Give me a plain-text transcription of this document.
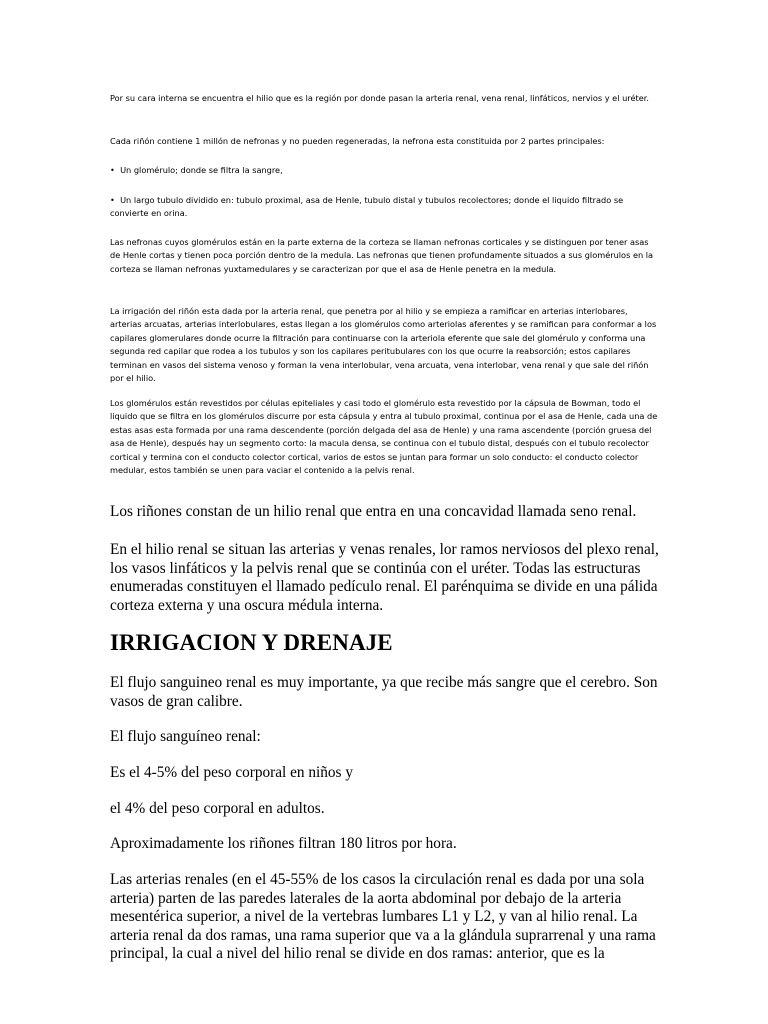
Por su cara interna se encuentra el hilio que es la región por donde pasan la arteria renal, vena renal, linfáticos, nervios y el uréter.

Cada riñón contiene 1 millón de nefronas y no pueden regeneradas, la nefrona esta constituida por 2 partes principales:

• Un glomérulo; donde se filtra la sangre,

• Un largo tubulo dividido en: tubulo proximal, asa de Henle, tubulo distal y tubulos recolectores; donde el liquido filtrado se convierte en orina.

Las nefronas cuyos glomérulos están en la parte externa de la corteza se llaman nefronas corticales y se distinguen por tener asas de Henle cortas y tienen poca porción dentro de la medula. Las nefronas que tienen profundamente situados a sus glomérulos en la corteza se llaman nefronas yuxtamedulares y se caracterizan por que el asa de Henle penetra en la medula.

La irrigación del riñón esta dada por la arteria renal, que penetra por al hilio y se empieza a ramificar en arterias interlobares, arterias arcuatas, arterias interlobulares, estas llegan a los glomérulos como arteriolas aferentes y se ramifican para conformar a los capilares glomerulares donde ocurre la filtración para continuarse con la arteriola eferente que sale del glomérulo y conforma una segunda red capilar que rodea a los tubulos y son los capilares peritubulares con los que ocurre la reabsorción; estos capilares terminan en vasos del sistema venoso y forman la vena interlobular, vena arcuata, vena interlobar, vena renal y que sale del riñón por el hilio.

Los glomérulos están revestidos por células epiteliales y casi todo el glomérulo esta revestido por la cápsula de Bowman, todo el liquido que se filtra en los glomérulos discurre por esta cápsula y entra al tubulo proximal, continua por el asa de Henle, cada una de estas asas esta formada por una rama descendente (porción delgada del asa de Henle) y una rama ascendente (porción gruesa del asa de Henle), después hay un segmento corto: la macula densa, se continua con el tubulo distal, después con el tubulo recolector cortical y termina con el conducto colector cortical, varios de estos se juntan para formar un solo conducto: el conducto colector medular, estos también se unen para vaciar el contenido a la pelvis renal.

Los riñones constan de un hilio renal que entra en una concavidad llamada seno renal.

En el hilio renal se situan las arterias y venas renales, lor ramos nerviosos del plexo renal, los vasos linfáticos y la pelvis renal que se continúa con el uréter. Todas las estructuras enumeradas constituyen el llamado pedículo renal. El parénquima se divide en una pálida corteza externa y una oscura médula interna.

IRRIGACION Y DRENAJE

El flujo sanguineo renal es muy importante, ya que recibe más sangre que el cerebro. Son vasos de gran calibre.

El flujo sanguíneo renal:

Es el 4-5% del peso corporal en niños y

el 4% del peso corporal en adultos.

Aproximadamente los riñones filtran 180 litros por hora.

Las arterias renales (en el 45-55% de los casos la circulación renal es dada por una sola arteria) parten de las paredes laterales de la aorta abdominal por debajo de la arteria mesentérica superior, a nivel de la vertebras lumbares L1 y L2, y van al hilio renal. La arteria renal da dos ramas, una rama superior que va a la glándula suprarrenal y una rama principal, la cual a nivel del hilio renal se divide en dos ramas: anterior, que es la
